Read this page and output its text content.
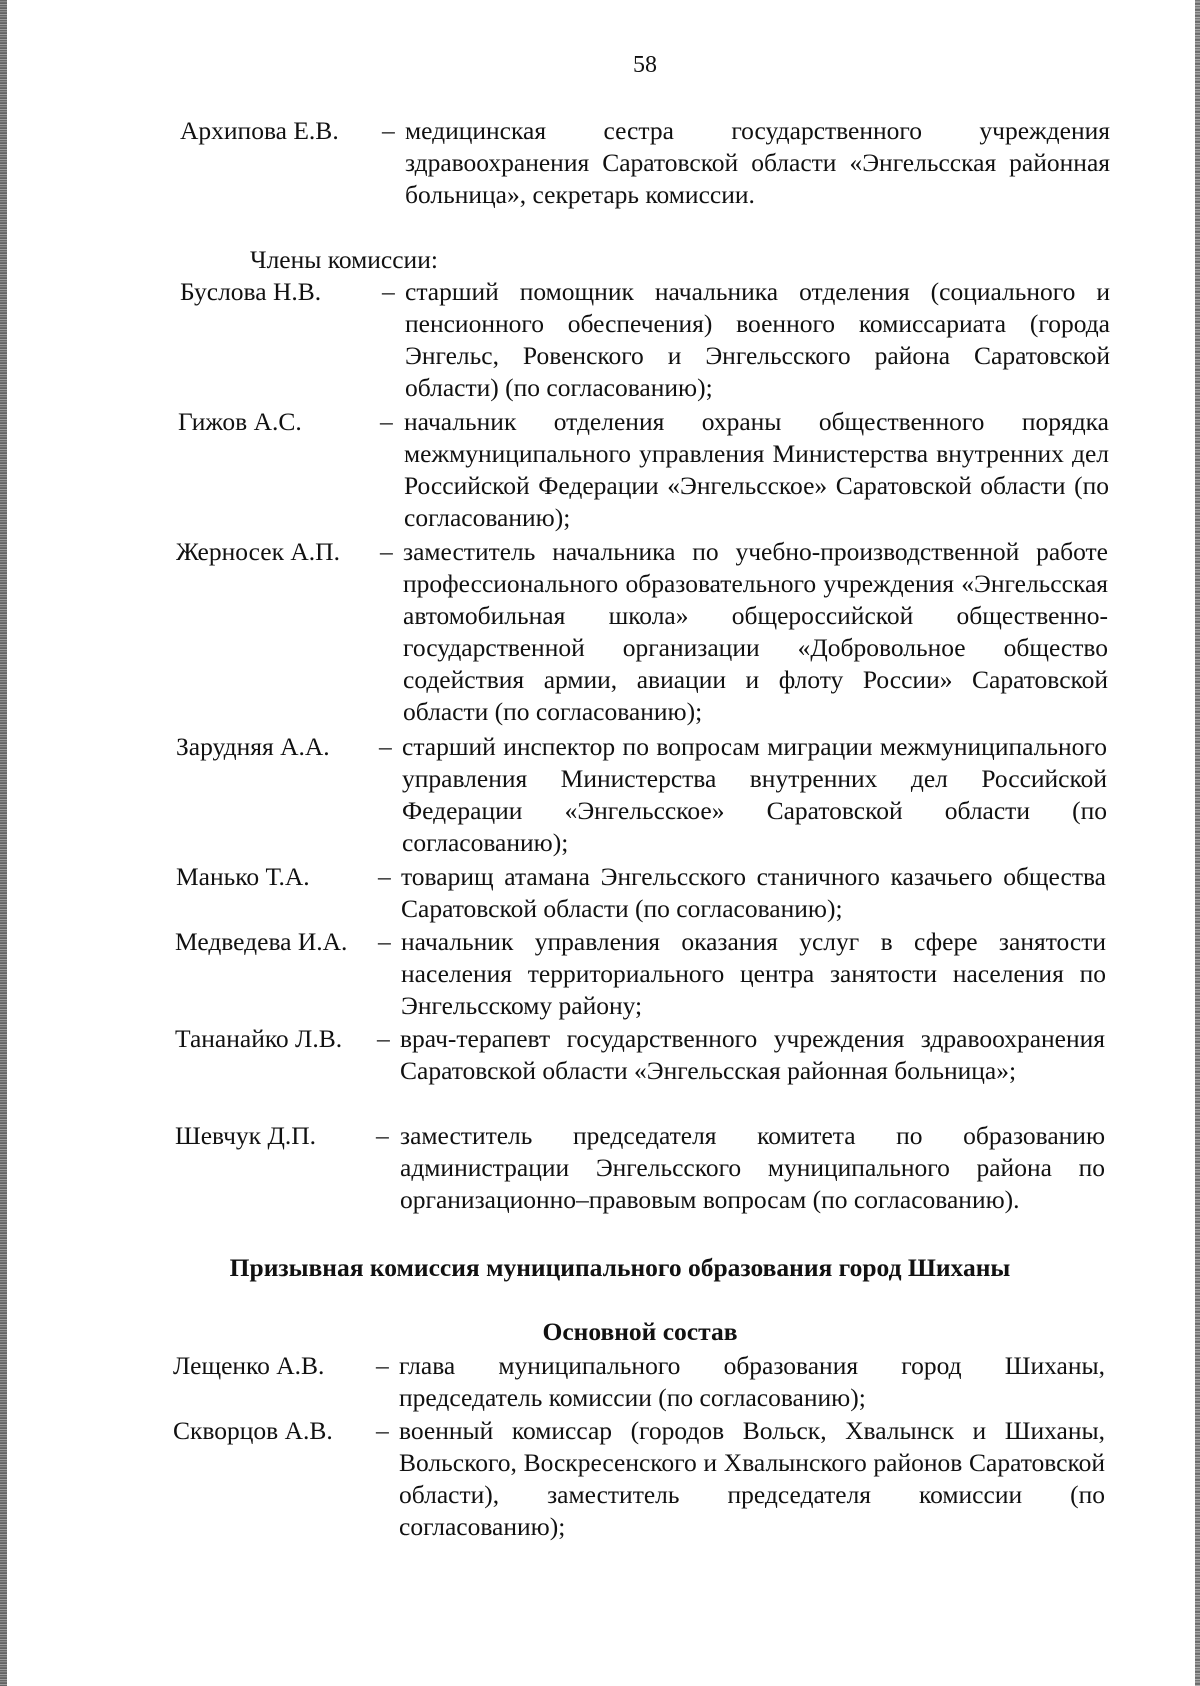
58
Архипова Е.В. – медицинская сестра государственного учреждения здравоохранения Саратовской области «Энгельсская районная больница», секретарь комиссии.
Члены комиссии:
Буслова Н.В. – старший помощник начальника отделения (социального и пенсионного обеспечения) военного комиссариата (города Энгельс, Ровенского и Энгельсского района Саратовской области) (по согласованию);
Гижов А.С.	– начальник отделения охраны общественного порядка межмуниципального управления Министерства внутренних дел Российской Федерации «Энгельсское» Саратовской области (по согласованию);
Жерносек А.П. – заместитель начальника по учебно-производственной работе профессионального образовательного учреждения «Энгельсская автомобильная школа» общероссийской общественно-государственной организации «Добровольное общество содействия армии, авиации и флоту России» Саратовской области (по согласованию);
Зарудняя А.А. – старший инспектор по вопросам миграции межмуниципального управления Министерства внутренних дел Российской Федерации «Энгельсское» Саратовской области (по согласованию);
Манько Т.А.	– товарищ атамана Энгельсского станичного казачьего общества Саратовской области (по согласованию);
Медведева И.А. – начальник управления оказания услуг в сфере занятости населения территориального центра занятости населения по Энгельсскому району;
Тананайко Л.В. – врач-терапевт государственного учреждения здравоохранения Саратовской области «Энгельсская районная больница»;
Шевчук Д.П. – заместитель председателя комитета по образованию администрации Энгельсского муниципального района по организационно–правовым вопросам (по согласованию).
Призывная комиссия муниципального образования город Шиханы
Основной состав
Лещенко А.В. – глава муниципального образования город Шиханы, председатель комиссии (по согласованию);
Скворцов А.В. – военный комиссар (городов Вольск, Хвалынск и Шиханы, Вольского, Воскресенского и Хвалынского районов Саратовской области), заместитель председателя комиссии (по согласованию);
